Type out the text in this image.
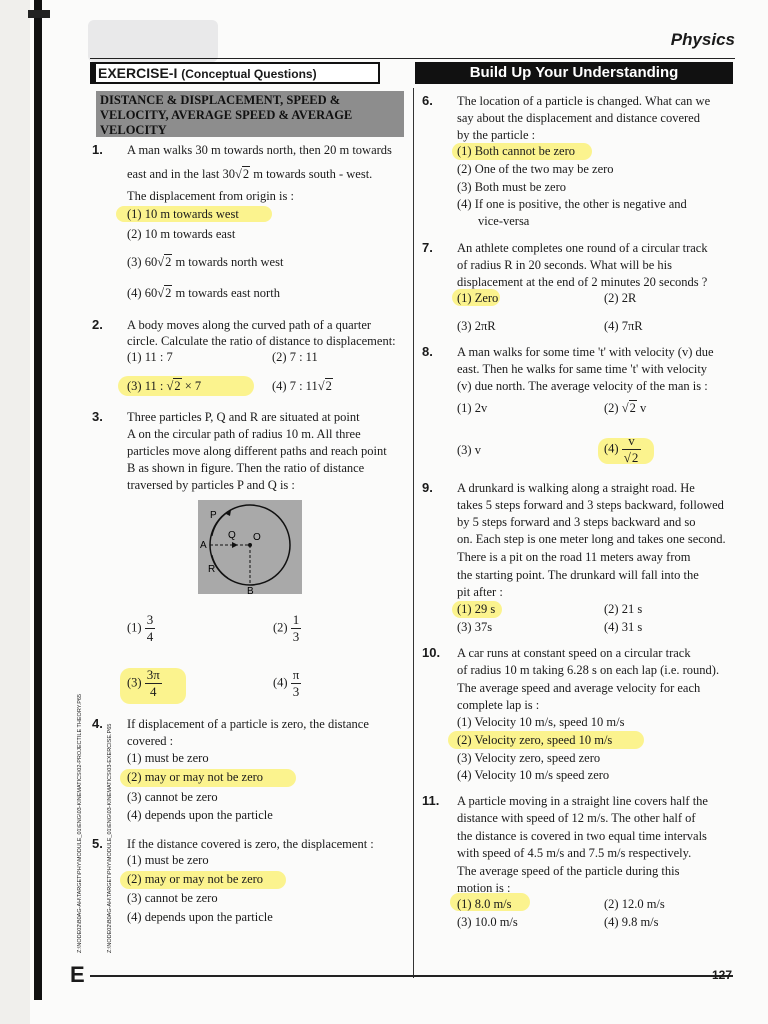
Physics
EXERCISE-I (Conceptual Questions)	Build Up Your Understanding
DISTANCE & DISPLACEMENT, SPEED & VELOCITY, AVERAGE SPEED & AVERAGE VELOCITY
127
E
Z:\NODE02\B0AG-AH\TARGET\PHY\MODULE_01\ENG\03-KINEMATICS\03-EXERCISE.P65
Z:\NODE02\B0AG-AH\TARGET\PHY\MODULE_01\ENG\03-KINEMATICS\02-PROJECTILE THEORY.P65
1. A man walks 30 m towards north, then 20 m towards
east and in the last 30√2 m towards south - west.
The displacement from origin is :
(1) 10 m towards west
(2) 10 m towards east
(3) 60√2 m towards north west
(4) 60√2 m towards east north
2. A body moves along the curved path of a quarter
circle. Calculate the ratio of distance to displacement:
(1) 11 : 7	(2) 7 : 11
(3) 11 : √2 × 7	(4) 7 : 11√2
3. Three particles P, Q and R are situated at point
A on the circular path of radius 10 m. All three
particles move along different paths and reach point
B as shown in figure. Then the ratio of distance
traversed by particles P and Q is :
P
Q O
A
R
B
$(1) \frac{3}{4}$	$(2) \frac{1}{3}$
$(3) \frac{3\pi}{4}$	$(4) \frac{\pi}{3}$
4. If displacement of a particle is zero, the distance
covered :
(1) must be zero
(2) may or may not be zero
(3) cannot be zero
(4) depends upon the particle
5. If the distance covered is zero, the displacement :
(1) must be zero
(2) may or may not be zero
(3) cannot be zero
(4) depends upon the particle
6. The location of a particle is changed. What can we
say about the displacement and distance covered
by the particle :
(1) Both cannot be zero
(2) One of the two may be zero
(3) Both must be zero
(4) If one is positive, the other is negative and
vice-versa
7. An athlete completes one round of a circular track
of radius R in 20 seconds. What will be his
displacement at the end of 2 minutes 20 seconds ?
(1) Zero	(2) 2R
(3) 2πR	(4) 7πR
8. A man walks for some time 't' with velocity (v) due
east. Then he walks for same time 't' with velocity
(v) due north. The average velocity of the man is :
(1) 2v	(2) √2 v
(3) v	$(4) \frac{v}{√2}$
9. A drunkard is walking along a straight road. He
takes 5 steps forward and 3 steps backward, followed
by 5 steps forward and 3 steps backward and so
on. Each step is one meter long and takes one second.
There is a pit on the road 11 meters away from
the starting point. The drunkard will fall into the
pit after :
(1) 29 s	(2) 21 s
(3) 37s	(4) 31 s
10. A car runs at constant speed on a circular track
of radius 10 m taking 6.28 s on each lap (i.e. round).
The average speed and average velocity for each
complete lap is :
(1) Velocity 10 m/s, speed 10 m/s
(2) Velocity zero, speed 10 m/s
(3) Velocity zero, speed zero
(4) Velocity 10 m/s speed zero
11. A particle moving in a straight line covers half the
distance with speed of 12 m/s. The other half of
the distance is covered in two equal time intervals
with speed of 4.5 m/s and 7.5 m/s respectively.
The average speed of the particle during this
motion is :
(1) 8.0 m/s	(2) 12.0 m/s
(3) 10.0 m/s	(4) 9.8 m/s
